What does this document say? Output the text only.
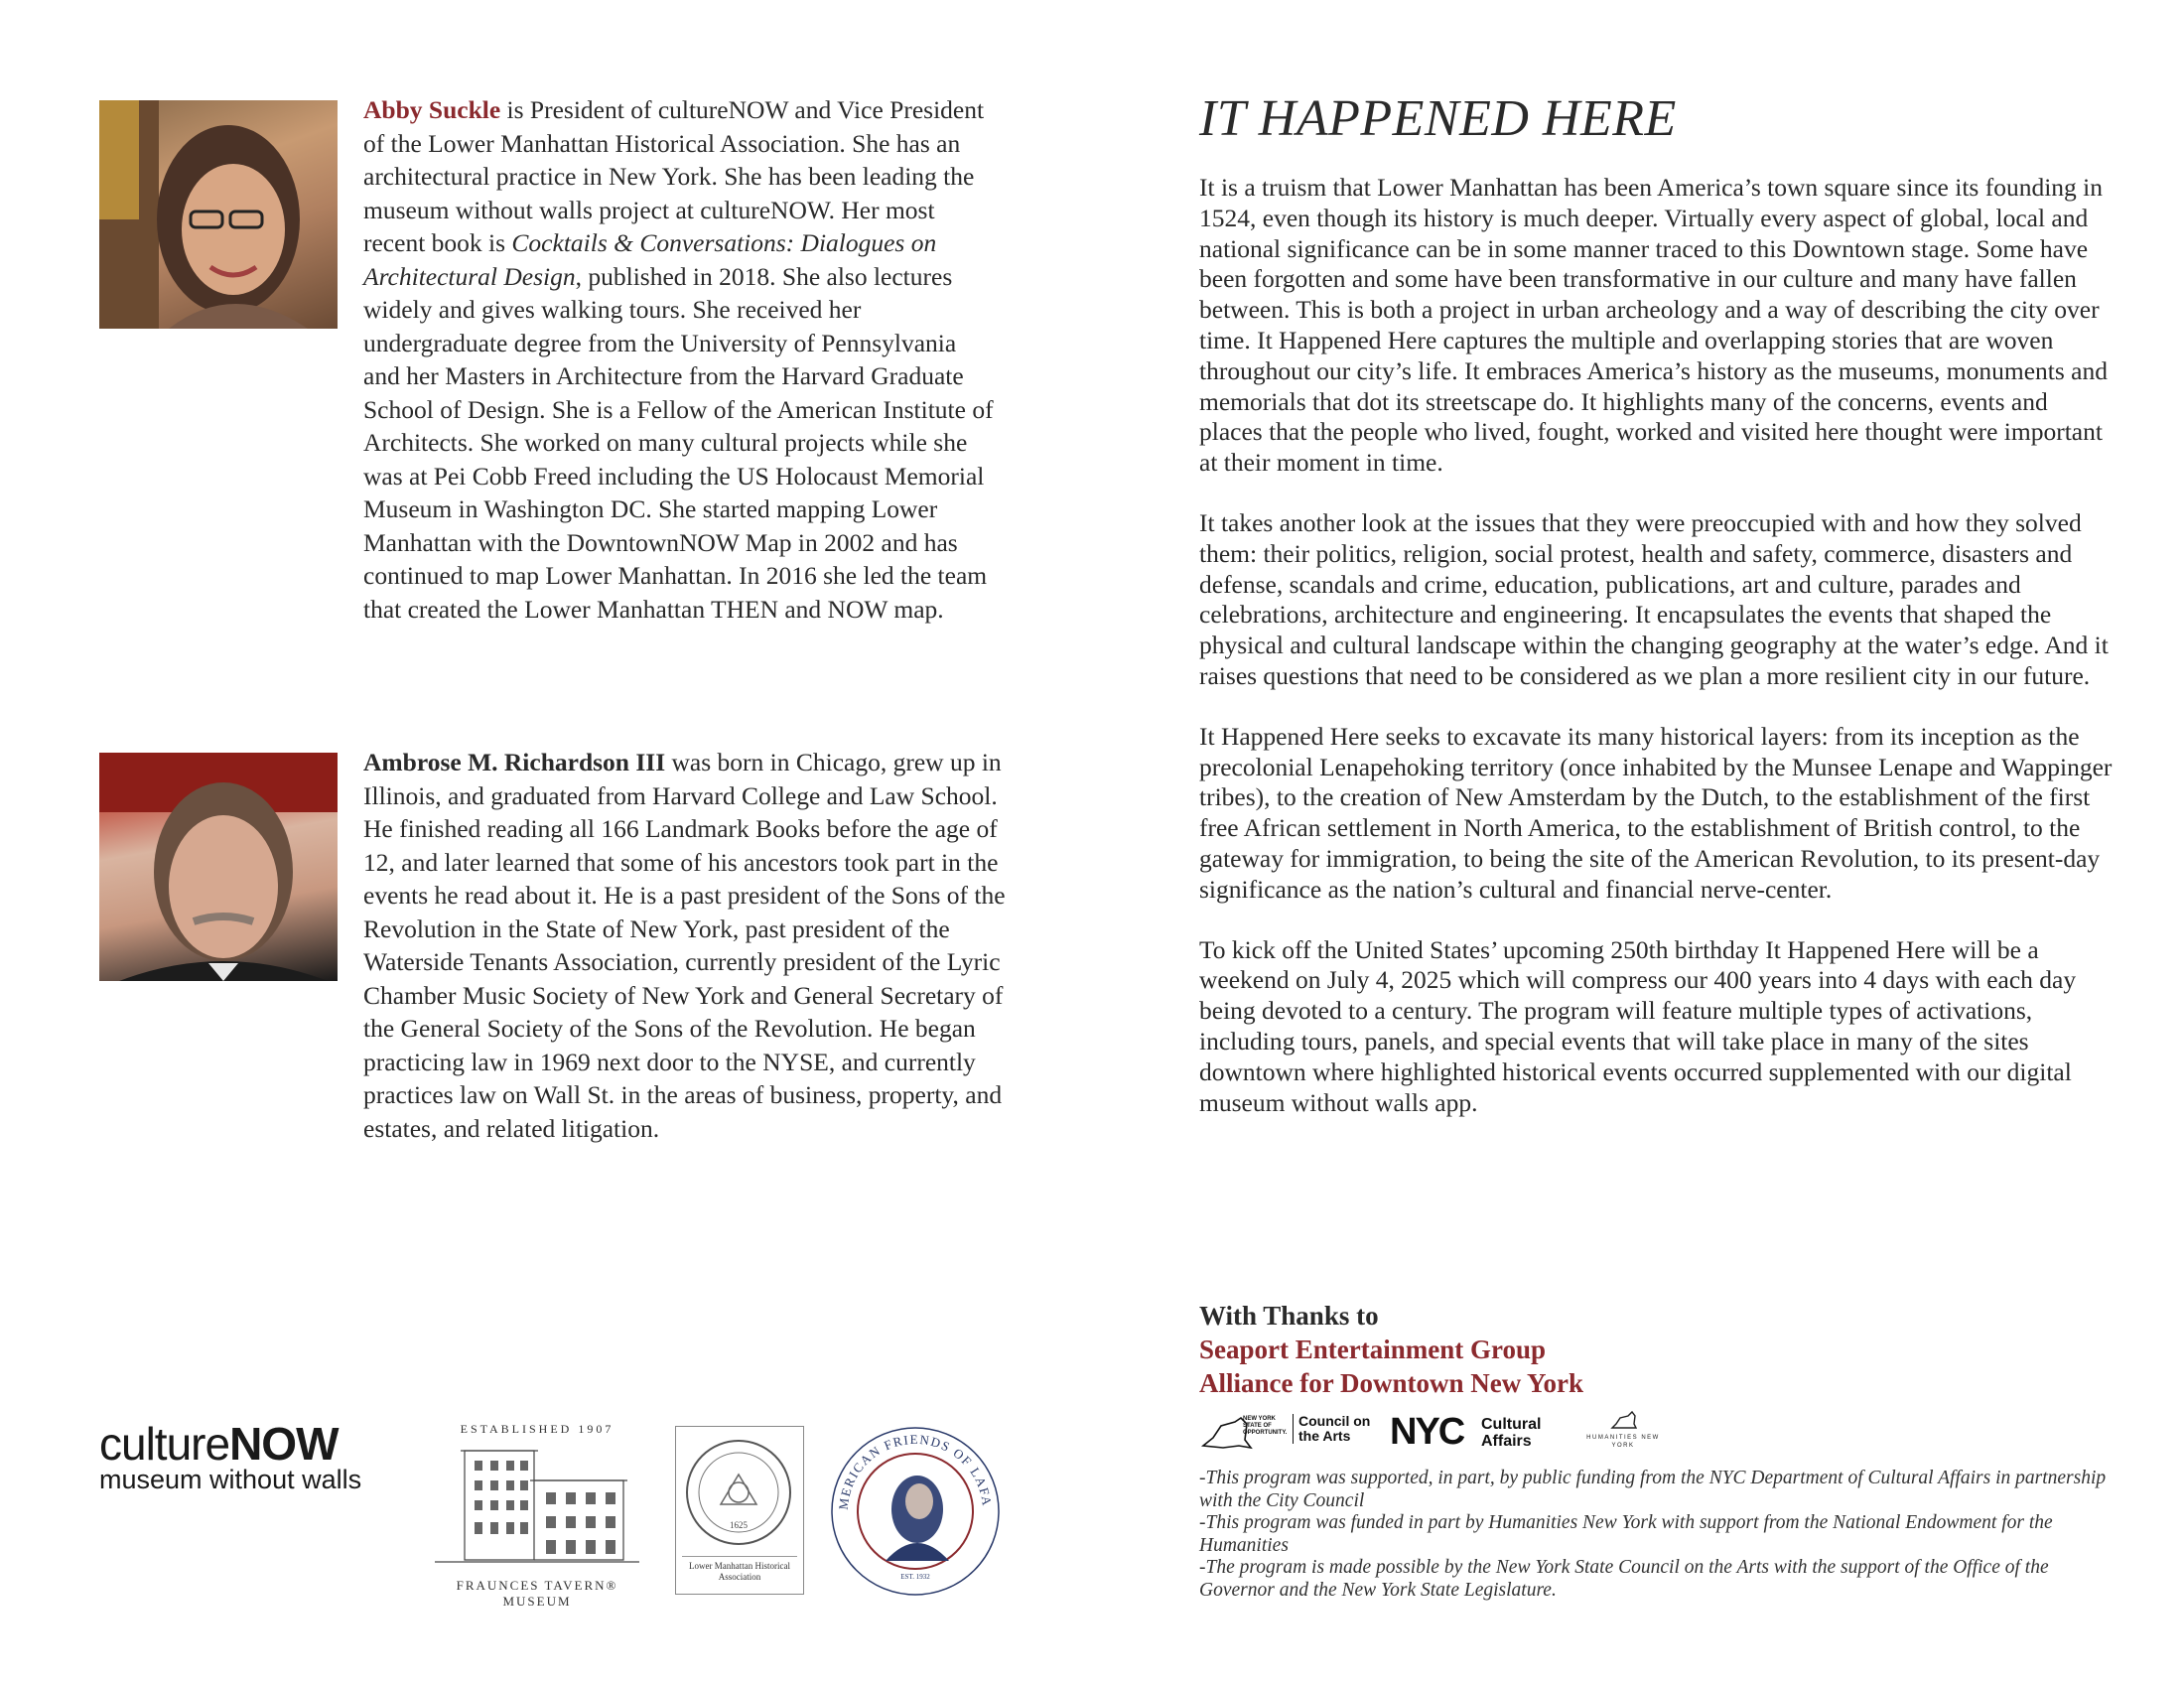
Abby Suckle is President of cultureNOW and Vice President of the Lower Manhattan Historical Association. She has an architectural practice in New York. She has been leading the museum without walls project at cultureNOW. Her most recent book is Cocktails & Conversations: Dialogues on Architectural Design, published in 2018. She also lectures widely and gives walking tours. She received her undergraduate degree from the University of Pennsylvania and her Masters in Architecture from the Harvard Graduate School of Design. She is a Fellow of the American Institute of Architects. She worked on many cultural projects while she was at Pei Cobb Freed including the US Holocaust Memorial Museum in Washington DC. She started mapping Lower Manhattan with the DowntownNOW Map in 2002 and has continued to map Lower Manhattan. In 2016 she led the team that created the Lower Manhattan THEN and NOW map.
Ambrose M. Richardson III was born in Chicago, grew up in Illinois, and graduated from Harvard College and Law School. He finished reading all 166 Landmark Books before the age of 12, and later learned that some of his ancestors took part in the events he read about it. He is a past president of the Sons of the Revolution in the State of New York, past president of the Waterside Tenants Association, currently president of the Lyric Chamber Music Society of New York and General Secretary of the General Society of the Sons of the Revolution. He began practicing law in 1969 next door to the NYSE, and currently practices law on Wall St. in the areas of business, property, and estates, and related litigation.
cultureNOW
museum without walls
ESTABLISHED 1907
FRAUNCES TAVERN® MUSEUM
1625
Lower Manhattan Historical Association
MERICAN FRIENDS OF LAFA
EST. 1932
IT HAPPENED HERE

It is a truism that Lower Manhattan has been America’s town square since its founding in 1524, even though its history is much deeper. Virtually every aspect of global, local and national significance can be in some manner traced to this Downtown stage. Some have been forgotten and some have been transformative in our culture and many have fallen between. This is both a project in urban archeology and a way of describing the city over time. It Happened Here captures the multiple and overlapping stories that are woven throughout our city’s life. It embraces America’s history as the museums, monuments and memorials that dot its streetscape do. It highlights many of the concerns, events and places that the people who lived, fought, worked and visited here thought were important at their moment in time.

It takes another look at the issues that they were preoccupied with and how they solved them: their politics, religion, social protest, health and safety, commerce, disasters and defense, scandals and crime, education, publications, art and culture, parades and celebrations, architecture and engineering. It encapsulates the events that shaped the physical and cultural landscape within the changing geography at the water’s edge. And it raises questions that need to be considered as we plan a more resilient city in our future.

It Happened Here seeks to excavate its many historical layers: from its inception as the precolonial Lenapehoking territory (once inhabited by the Munsee Lenape and Wappinger tribes), to the creation of New Amsterdam by the Dutch, to the establishment of the first free African settlement in North America, to the establishment of British control, to the gateway for immigration, to being the site of the American Revolution, to its present-day significance as the nation’s cultural and financial nerve-center.

To kick off the United States’ upcoming 250th birthday It Happened Here will be a weekend on July 4, 2025 which will compress our 400 years into 4 days with each day being devoted to a century. The program will feature multiple types of activations, including tours, panels, and special events that will take place in many of the sites downtown where highlighted historical events occurred supplemented with our digital museum without walls app.

With Thanks to
Seaport Entertainment Group
Alliance for Downtown New York
NEW YORK STATE OF OPPORTUNITY.
Council on the Arts	NYC Cultural Affairs	HUMANITIES NEW YORK
-This program was supported, in part, by public funding from the NYC Department of Cultural Affairs in partnership with the City Council
-This program was funded in part by Humanities New York with support from the National Endowment for the Humanities
-The program is made possible by the New York State Council on the Arts with the support of the Office of the Governor and the New York State Legislature.
